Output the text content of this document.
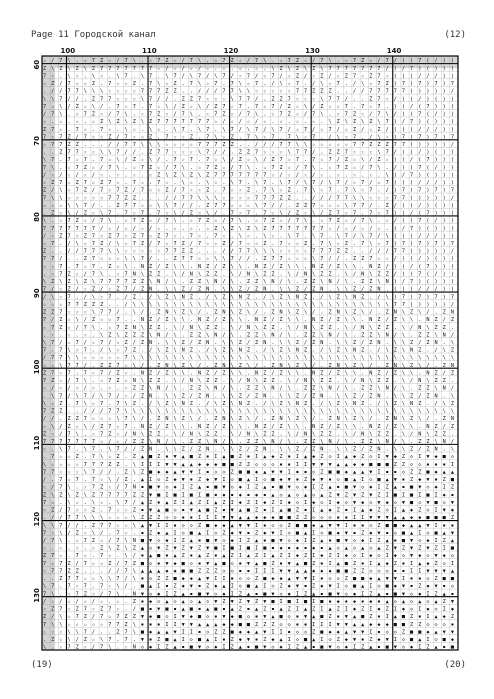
Page 11 Городской канал	(12)
☆ / 7 \ . ☆ 7 Z ☆ / 7 \ . ☆ 7 Z ☆ / 7 \ . ☆ 7 Z ☆ / 7 \ . ☆ 7 Z ☆ / 7 \ . ☆ 7 Z ☆ / 7 / ) ) 7 ( / ) )
Z \ Z \ Z \ Z 7 7 7 7 7 7 7 ☆ / ☆ / ☆ / ☆ . ☆ . ☆ . ☆ . \ Z \ Z \ Z \ 7 7 7 7 7 7 7 / ) / 7 ) ( ) ) (
7 ☆ . \ ☆ . \ ☆ . \ 7 . \ 7 . \ 7 / \ 7 / \ 7 / ☆ 7 / ☆ 7 / ☆ Z / ☆ Z / ☆ Z 7 ☆ Z 7 ☆ ( ( ( / / / ) )
☆ Z / 7 ☆ ☆ Z . 7 ☆ ☆ Z . 7 \ ☆ Z . 7 \ ☆ 7 . 7 \ ☆ 7 . / \ ☆ 7 . / \ ☆ 7 . / \ ☆ 7 Z ) 7 ) 7 ) 7 ) 7
. / / 7 7 \ \ \ ☆ ☆ ☆ ☆ 7 7 7 Z Z . . / / / 7 7 \ \ ☆ ☆ ☆ ☆ ☆ 7 7 Z Z Z . . / / 7 7 7 7 7 ) ) ) ) ) /
\ \ 7 / / . Z 7 7 ☆ ☆ ☆ \ 7 / / . Z Z 7 ☆ ☆ ☆ \ 7 7 / . Z Z 7 ☆ ☆ ☆ \ 7 7 / . . Z 7 ☆ / ) ( / ) ( ) )
7 ☆ \ / Z ☆ \ / . 7 ☆ 7 . 7 ☆ \ / Z ☆ \ / Z 7 ☆ 7 . 7 ☆ 7 / Z ☆ \ / Z ☆ ☆ 7 . 7 ☆ 7 . ) ) / ( 7 ) ) (
/ 7 \ . ☆ 7 Z ☆ / 7 \ . ☆ 7 Z ☆ / 7 \ . ☆ 7 Z ☆ / 7 \ . ☆ 7 Z ☆ / 7 \ . ☆ 7 Z ☆ / 7 \ / ) ) 7 ( / ) )
☆ . ☆ . ☆ . ☆ Z \ Z \ Z \ Z 7 7 7 7 7 7 7 ☆ / ☆ / ☆ / ☆ . ☆ . ☆ . ☆ . \ Z \ Z \ Z \ 7 ) / 7 ) ( ) ) (
Z 7 ☆ . 7 ☆ . 7 ☆ . \ ☆ . \ ☆ . \ 7 . \ 7 . \ 7 / \ 7 / \ 7 / ☆ 7 / ☆ 7 / ☆ Z / ☆ Z / ( ( ( / / / ) )
7 ☆ 7 Z / 7 ☆ ☆ Z / 7 ☆ ☆ Z . 7 ☆ ☆ Z . 7 \ ☆ Z . 7 \ ☆ 7 . 7 \ ☆ 7 . / \ ☆ 7 . / \ ☆ ) 7 ) 7 ) 7 ) 7
☆ 7 7 Z Z . . . / / 7 7 \ \ \ ☆ ☆ ☆ ☆ 7 7 7 Z Z . . / / / 7 7 \ \ ☆ ☆ ☆ ☆ ☆ 7 7 Z Z Z 7 7 ) ) ) ) ) /
. . Z 7 7 ☆ ☆ \ \ 7 / / . Z 7 7 ☆ ☆ ☆ \ 7 / / . Z Z 7 ☆ ☆ ☆ \ 7 7 / . Z Z 7 ☆ ☆ ☆ \ 7 / ) ( / ) ( ) )
\ 7 . 7 ☆ 7 . 7 ☆ \ / Z ☆ \ / . 7 ☆ 7 . 7 ☆ \ / Z ☆ \ / Z 7 ☆ 7 . 7 ☆ 7 / Z ☆ \ / Z ☆ ) ) / ( 7 ) ) (
7 \ . ☆ 7 Z ☆ / 7 \ . ☆ 7 Z ☆ / 7 \ . ☆ 7 Z ☆ / 7 \ . ☆ 7 Z ☆ / 7 \ . ☆ 7 Z ☆ / 7 \ . / ) ) 7 ( / ) )
/ ☆ / ☆ / ☆ / ☆ . ☆ . ☆ . ☆ Z \ Z \ Z \ Z 7 7 7 7 7 7 7 ☆ / ☆ / ☆ / ☆ . ☆ . ☆ . ☆ . \ ) / 7 ) ( ) ) (
☆ Z 7 ☆ Z 7 ☆ Z 7 ☆ . 7 ☆ . 7 ☆ . \ ☆ . \ ☆ . \ 7 . \ 7 . \ 7 / \ 7 / \ 7 / ☆ 7 / ☆ 7 ( ( ( / / / ) )
Z / \ ☆ 7 Z / 7 ☆ 7 Z / 7 ☆ ☆ Z / 7 ☆ ☆ Z . 7 ☆ ☆ Z . 7 \ ☆ Z . 7 \ ☆ 7 . 7 \ ☆ 7 . / ) 7 ) 7 ) 7 ) 7
7 \ \ ☆ ☆ ☆ ☆ ☆ 7 7 Z Z . . . / / 7 7 \ \ \ ☆ ☆ ☆ ☆ 7 7 7 Z Z . . / / / 7 7 \ \ ☆ ☆ ☆ 7 7 ) ) ) ) ) /
☆ ☆ ☆ \ \ 7 / . . Z 7 7 ☆ ☆ \ \ 7 / / . Z 7 7 ☆ ☆ ☆ \ 7 / / . Z Z 7 ☆ ☆ ☆ \ 7 7 / . Z / ) ( / ) ( ) )
. Z ☆ \ / Z ☆ \ 7 . 7 ☆ 7 . 7 ☆ \ / Z ☆ \ / . 7 ☆ 7 . 7 ☆ \ / Z ☆ \ / Z 7 ☆ 7 . 7 ☆ 7 ) ) / ( 7 ) ) (
\ . ☆ 7 Z ☆ / 7 \ . ☆ 7 Z ☆ / 7 \ . ☆ 7 Z ☆ / 7 \ . ☆ 7 Z ☆ / 7 \ . ☆ 7 Z ☆ / 7 \ . ☆ / ) ) 7 ( / ) )
7 7 7 7 7 7 7 / ☆ / ☆ / ☆ / ☆ . ☆ . ☆ . ☆ Z \ Z \ Z \ Z 7 7 7 7 7 7 7 ☆ / ☆ / ☆ / ☆ . ) / 7 ) ( ) ) (
/ ☆ Z 7 ☆ Z 7 ☆ Z 7 ☆ Z 7 ☆ Z 7 ☆ . 7 ☆ . 7 ☆ . \ ☆ . \ ☆ . \ 7 . \ 7 . \ 7 / \ 7 / \ ( ( ( / / / ) )
☆ 7 . / \ ☆ 7 Z / \ ☆ 7 Z / 7 ☆ 7 Z / 7 ☆ ☆ Z / 7 ☆ ☆ Z . 7 ☆ ☆ Z . 7 \ ☆ Z . 7 \ ☆ 7 ) 7 ) 7 ) 7 ) 7
Z . . / / 7 7 7 \ \ ☆ ☆ ☆ ☆ ☆ 7 7 Z Z . . . / / 7 7 \ \ \ ☆ ☆ ☆ ☆ 7 7 7 Z Z . . / / / 7 7 ) ) ) ) ) /
7 7 / . . Z 7 ☆ ☆ ☆ \ \ 7 / . . Z 7 7 ☆ ☆ \ \ 7 / / . Z 7 7 ☆ ☆ ☆ \ 7 / / . Z Z 7 ☆ ☆ / ) ( / ) ( ) )
☆ ☆ 7 . 7 ☆ 7 . Z ☆ \ . N Z / Z \ \ . N Z / Z \ \ . N Z / Z \ \ . N Z / Z \ \ . N Z / ) ) / ( 7 ) ) (
. ☆ 7 Z ☆ / 7 \ . ☆ 7 N \ Z Z . \ / N \ Z Z . \ / N \ Z Z . \ / N \ Z Z . \ / N \ Z Z / ) ) 7 ( / ) )
\ Z \ Z \ Z \ 7 7 7 7 Z Z \ N / \ . Z Z \ N / \ . Z Z \ N / \ . Z Z \ N / \ . Z Z \ N ) / 7 ) ( ) ) (
7 / ☆ Z / ☆ Z / ☆ Z 7 / Z N . \ \ Z / Z N . \ \ Z / Z N . \ \ Z / Z N . \ \ Z / Z N . ( ( ( / / / ) )
/ \ ☆ 7 . / \ ☆ 7 . / Z . / \ Z \ N Z . / \ Z \ N Z . / \ Z \ N Z . / \ Z \ N Z . / \ ) 7 ) 7 ) 7 ) 7
☆ ☆ ☆ 7 7 Z Z Z . . / \ \ \ \ \ \ \ \ \ \ \ \ \ \ \ \ \ \ \ \ \ \ \ \ \ \ \ \ \ \ \ \ 7 7 ) ) ) ) ) /
Z Z 7 ☆ ☆ ☆ \ 7 7 / . \ / . Z N \ Z \ / . Z N \ Z \ / . Z N \ Z \ / . Z N \ Z \ / . Z N \ Z \ / . Z N
7 / Z ☆ \ / Z ☆ ☆ 7 . . N Z / Z \ \ . N Z / Z \ \ . N Z / Z \ \ . N Z / Z \ \ . N Z / Z \ \ . N Z / Z
☆ 7 Z ☆ / 7 \ . ☆ 7 Z N \ Z Z . \ / N \ Z Z . \ / N \ Z Z . \ / N \ Z Z . \ / N \ Z Z . \ / N \ Z Z .
. ☆ . ☆ . ☆ . \ Z \ Z Z Z \ N / \ . Z Z \ N / \ . Z Z \ N / \ . Z Z \ N / \ . Z Z \ N / \ . Z Z \ N /
\ 7 / ☆ 7 / ☆ 7 / ☆ Z / Z N . \ \ Z / Z N . \ \ Z / Z N . \ \ Z / Z N . \ \ Z / Z N . \ \ Z / Z N . \
7 . 7 \ ☆ 7 . / \ ☆ 7 Z . / \ Z \ N Z . / \ Z \ N Z . / \ Z \ N Z . / \ Z \ N Z . / \ Z \ N Z . / \ Z
/ 7 7 \ \ ☆ ☆ ☆ ☆ ☆ 7 \ \ \ \ \ \ \ \ \ \ \ \ \ \ \ \ \ \ \ \ \ \ \ \ \ \ \ \ \ \ \ \ \ \ \ \ \ \ \ \
☆ ☆ \ 7 7 / . Z Z 7 ☆ \ / . Z N \ Z \ / . Z N \ Z \ / . Z N \ Z \ / . Z N \ Z \ / . Z N \ Z \ / . Z N
Z 7 ☆ 7 . 7 ☆ 7 / Z ☆ . N Z / Z \ \ . N Z / Z \ \ . N Z / Z \ \ . N Z / Z \ \ . N Z / Z \ \ . N Z / Z
7 Z ☆ / 7 \ . ☆ 7 Z ☆ N \ Z Z . \ / N \ Z Z . \ / N \ Z Z . \ / N \ Z Z . \ / N \ Z Z . \ / N \ Z Z .
☆ / ☆ / ☆ / ☆ . ☆ . ☆ Z Z \ N / \ . Z Z \ N / \ . Z Z \ N / \ . Z Z \ N / \ . Z Z \ N / \ . Z Z \ N /
. \ 7 / \ 7 / \ 7 / ☆ / Z N . \ \ Z / Z N . \ \ Z / Z N . \ \ Z / Z N . \ \ Z / Z N . \ \ Z / Z N . \
\ ☆ Z . 7 \ ☆ 7 . 7 \ Z . / \ Z \ N Z . / \ Z \ N Z . / \ Z \ N Z . / \ Z \ N Z . / \ Z \ N Z . / \ Z
7 Z Z . . / / / 7 7 \ \ \ \ \ \ \ \ \ \ \ \ \ \ \ \ \ \ \ \ \ \ \ \ \ \ \ \ \ \ \ \ \ \ \ \ \ \ \ \ \
/ / . Z Z 7 ☆ ☆ ☆ \ 7 \ / . Z N \ Z \ / . Z N \ Z \ / . Z N \ Z \ / . Z N \ Z \ / . Z N \ Z \ / . Z N
☆ \ / Z ☆ \ / Z 7 ☆ 7 . N Z / Z \ \ . N Z / Z \ \ . N Z / Z \ \ . N Z / Z \ \ . N Z / Z \ \ . N Z / Z
Z ☆ / 7 \ . ☆ 7 Z ☆ / N \ Z Z . \ / N \ Z Z . \ / N \ Z Z . \ / N \ Z Z . \ / N \ Z Z . \ / N \ Z Z .
7 7 7 7 7 7 7 ☆ / ☆ / Z Z \ N / \ . Z Z \ N / \ . Z Z \ N / \ . Z Z \ N / \ . Z Z \ N / \ . Z Z \ N /
☆ . \ 7 . \ 7 . \ 7 / / Z N . \ \ Z / Z N . \ \ Z / Z N . \ \ Z / Z N . \ \ Z / Z N . \ \ Z / Z N . \
. 7 ☆ ☆ Z . 7 \ ☆ Z . Z ▲ ■ Z ▪ ▼ ▲ ■ Z ▪ I ▲ ■ Z ▪ I ▲ ◆ Z ▪ I ▲ ◆ Z ◇ I ▲ ◆ Z ◇ I ▼ ◆ Z ◇ I ▼ ◆ ■ ◇
\ ☆ ☆ ☆ ☆ 7 7 7 Z Z . \ I I I ▼ ▼ ▲ ▲ ◆ ◆ ◆ ■ ■ Z Z ◇ ◇ ◇ ▪ ▪ I I ▼ ▼ ▼ ▲ ▲ ◆ ◆ ■ ■ ■ Z Z ◇ ◇ ▪ ▪ ▪ I
7 7 ☆ ☆ ☆ \ 7 / / . Z \ Z ■ ◆ ◆ ▲ ▼ ▼ I ▪ ◇ ◇ Z ■ ■ ◆ ▲ ▼ ▼ I ▪ ▪ ◇ Z ■ ■ ◆ ▲ ▲ ▼ I ▪ ▪ ◇ Z Z ■ ◆ ▲ ▲
/ . 7 ☆ 7 . 7 ☆ \ / Z . ▲ I ◇ Z ◆ ▼ ▪ Z ◆ ▼ I ◇ ■ ▲ I ◇ ■ ◆ ▼ ▪ Z ◆ ▼ ▪ ◇ ■ ▲ I ◇ ■ ▲ ▼ ▪ Z ◆ ▼ ▪ Z ■
☆ / 7 \ . ☆ 7 Z ☆ / 7 N ▪ ■ ▼ ◇ ◆ I Z ▲ ▪ ■ ▼ ◇ ◆ I Z ▲ ▪ ■ ▼ ◇ ◆ I Z ▲ ▪ ■ ▼ ◇ ◆ I Z ▲ ▪ ■ ▼ ◇ ◆ I Z
Z \ Z \ Z \ Z 7 7 7 7 Z Z ▼ ■ I ■ I ■ I ■ ▪ ◆ ▪ ◆ ▪ ◆ ▪ ▲ ◇ ▲ ◇ ▲ ◇ ▲ Z ▼ Z ▼ Z ▼ Z I ■ I ■ I ■ I ◆ ▪
7 ☆ . \ ☆ . \ ☆ . \ 7 / ▲ Z ▪ ▲ Z I ▲ Z I ▲ Z I ◆ Z I ◆ Z I ◆ ◇ I ◆ ◇ I ◆ ◇ ▼ ◆ ◇ ▼ ◆ ◇ ▼ ■ ◇ ▼ ■ ◇ ▼
☆ Z / 7 ☆ ☆ Z . 7 ☆ ☆ Z ▪ ▼ ▲ ■ ◇ ▪ ▼ ▲ ■ Z ▪ ▼ ▲ ■ Z ▪ I ▲ ■ Z ▪ I ▲ ◆ Z ▪ I ▲ ◆ Z ◇ I ▲ ◆ Z ◇ I ▼ ◆
. / / 7 7 \ \ \ ☆ ☆ ☆ \ Z Z Z ◇ ◇ ▪ ▪ I I I ▼ ▼ ▲ ▲ ◆ ◆ ◆ ■ ■ Z Z ◇ ◇ ◇ ▪ ▪ I I ▼ ▼ ▼ ▲ ▲ ◆ ◆ ■ ■ ■ Z
\ \ 7 / / . Z 7 7 ☆ ☆ \ ▲ ▼ I I ▪ ◇ ◇ Z ■ ◆ ◆ ▲ ▼ ▼ I ▪ ◇ ◇ Z ■ ■ ◆ ▲ ▼ ▼ I ▪ ▪ ◇ Z ■ ■ ◆ ▲ ▲ ▼ I ▪ ▪
7 ☆ \ / Z ☆ \ / . 7 ☆ . ▪ Z ◆ ▲ I ◇ ■ ▲ I ◇ Z ◆ ▼ ▪ Z ◆ ▼ I ◇ ■ ▲ I ◇ ■ ◆ ▼ ▪ Z ◆ ▼ ▪ ◇ ■ ▲ I ◇ ■ ▲ ▼
/ 7 \ . ☆ 7 Z ☆ / 7 \ N ■ ▼ ◇ ◆ I Z ▲ ▪ ■ ▼ ◇ ◆ I Z ▲ ▪ ■ ▼ ◇ ◆ I Z ▲ ▪ ■ ▼ ◇ ◆ I Z ▲ ▪ ■ ▼ ◇ ◆ I Z ▲
☆ . ☆ . ☆ . ☆ Z \ Z \ Z ▲ ◇ ▼ Z ▼ Z ▼ Z ▼ ■ I ■ I ■ I ■ ▪ ◆ ▪ ◆ ▪ ◆ ▪ ▲ ◇ ▲ ◇ ▲ ◇ ▲ Z ▼ Z ▼ Z ▼ Z I ■
Z 7 ☆ . 7 ☆ . 7 ☆ . \ / ▪ ▲ ■ ▪ ▲ Z ▪ ▲ Z ▪ ▲ Z I ▲ Z I ▲ Z I ◆ Z I ◆ Z I ◆ ◇ I ◆ ◇ I ◆ ◇ ▼ ◆ ◇ ▼ ◆ ◇
7 ☆ 7 Z / 7 ☆ ☆ Z / 7 Z ■ ◇ ▪ ▼ ◆ ■ ◇ ▪ ▼ ▲ ■ ◇ ▪ ▼ ▲ ■ Z ▪ ▼ ▲ ■ Z ▪ I ▲ ■ Z ▪ I ▲ ◆ Z ▪ I ▲ ◆ Z ◇ I
☆ 7 7 Z Z . . . / / 7 \ ▲ ▲ ▲ ◆ ◆ ■ ■ Z Z Z ◇ ◇ ▪ ▪ I I I ▼ ▼ ▲ ▲ ◆ ◆ ◆ ■ ■ Z Z ◇ ◇ ◇ ▪ ▪ I I ▼ ▼ ▼ ▲
. . Z 7 7 ☆ ☆ \ \ 7 / \ ▪ ◇ Z Z ■ ◆ ◆ ▲ ▼ I I ▪ ◇ ◇ Z ■ ◆ ◆ ▲ ▼ ▼ I ▪ ◇ ◇ Z ■ ■ ◆ ▲ ▼ ▼ I ▪ ▪ ◇ Z ■ ■
\ 7 . 7 ☆ 7 . 7 ☆ \ / . ■ ▲ I ▪ Z ◆ ▼ ▪ Z ◆ ▲ I ◇ ■ ▲ I ◇ Z ◆ ▼ ▪ Z ◆ ▼ I ◇ ■ ▲ I ◇ ■ ◆ ▼ ▪ Z ◆ ▼ ▪ ◇
7 \ . ☆ 7 Z ☆ / 7 \ . N ▼ ◇ ◆ I Z ▲ ▪ ■ ▼ ◇ ◆ I Z ▲ ▪ ■ ▼ ◇ ◆ I Z ▲ ▪ ■ ▼ ◇ ◆ I Z ▲ ▪ ■ ▼ ◇ ◆ I Z ▲ ▪
/ ☆ / ☆ / ☆ / ☆ . ☆ . Z ▪ ◆ ◇ ▲ ◇ ▲ ◇ ▲ ◇ ▼ Z ▼ Z ▼ Z ▼ ■ I ■ I ■ I ■ ▪ ◆ ▪ ◆ ▪ ◆ ▪ ▲ ◇ ▲ ◇ ▲ ◇ ▲ Z ▼
☆ Z 7 ☆ Z 7 ☆ Z 7 ☆ . / ■ ▪ ▼ ■ ▪ ▲ ■ ▪ ▲ ■ ▪ ▲ Z ▪ ▲ Z ▪ ▲ Z I ▲ Z I ▲ Z I ◆ Z I ◆ Z I ◆ ◇ I ◆ ◇ I ◆
Z / \ ☆ 7 Z / 7 ☆ 7 Z Z ▼ ◆ ■ ◇ I ▼ ◆ ■ ◇ ▪ ▼ ◆ ■ ◇ ▪ ▼ ▲ ■ ◇ ▪ ▼ ▲ ■ Z ▪ ▼ ▲ ■ Z ▪ I ▲ ■ Z ▪ I ▲ ◆ Z
7 \ \ ☆ ☆ ☆ ☆ ☆ 7 7 Z \ ▪ ▪ ▪ I I ▼ ▼ ▲ ▲ ▲ ◆ ◆ ■ ■ Z Z Z ◇ ◇ ▪ ▪ I I I ▼ ▼ ▲ ▲ ◆ ◆ ◆ ■ ■ Z Z ◇ ◇ ◇ ▪
☆ ☆ ☆ \ \ 7 / . . Z 7 \ ■ ◆ ▲ ▲ ▼ I I ▪ ◇ Z Z ■ ◆ ◆ ▲ ▼ I I ▪ ◇ ◇ Z ■ ◆ ◆ ▲ ▼ ▼ I ▪ ◇ ◇ Z ■ ■ ◆ ▲ ▼ ▼
. Z ☆ \ / Z ☆ \ 7 . 7 . ▼ ▪ Z ■ ▲ I ◇ ■ ▲ I ▪ Z ◆ ▼ ▪ Z ◆ ▲ I ◇ ■ ▲ I ◇ Z ◆ ▼ ▪ Z ◆ ▼ I ◇ ■ ▲ I ◇ ■ ◆
\ . ☆ 7 Z ☆ / 7 \ . ☆ N ◇ ◆ I Z ▲ ▪ ■ ▼ ◇ ◆ I Z ▲ ▪ ■ ▼ ◇ ◆ I Z ▲ ▪ ■ ▼ ◇ ◆ I Z ▲ ▪ ■ ▼ ◇ ◆ I Z ▲ ▪ ■
100	110	120	130	140
60
70
80
90
100
110
120
130
(19)	(20)
